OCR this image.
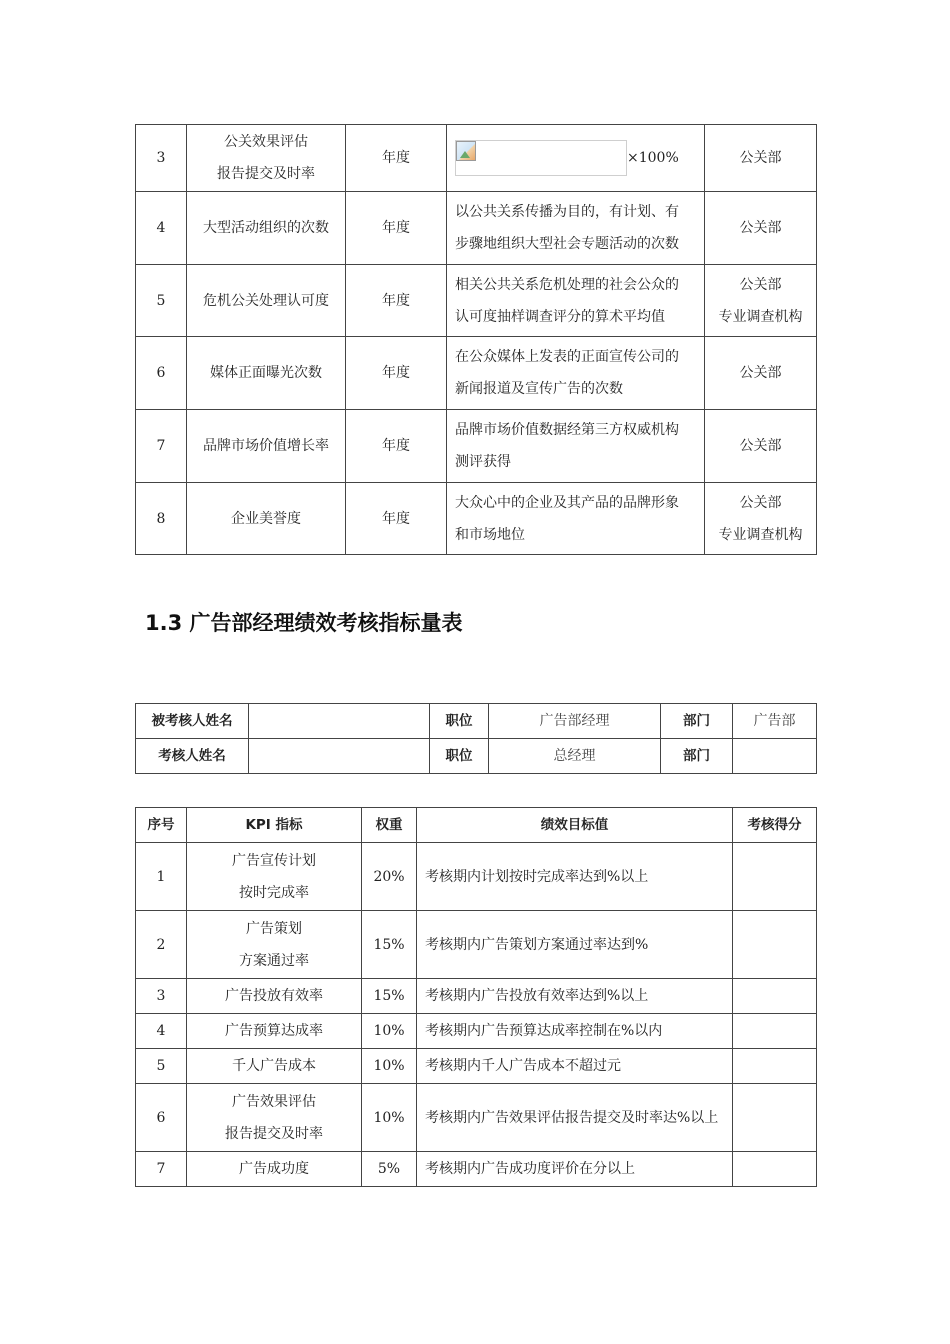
3	公关效果评估
报告提交及时率	年度	×100%	公关部

4	大型活动组织的次数	年度	以公共关系传播为目的，有计划、有
步骤地组织大型社会专题活动的次数	公关部

5	危机公关处理认可度	年度	相关公共关系危机处理的社会公众的
认可度抽样调查评分的算术平均值	公关部
专业调查机构

6	媒体正面曝光次数	年度	在公众媒体上发表的正面宣传公司的
新闻报道及宣传广告的次数	公关部

7	品牌市场价值增长率	年度	品牌市场价值数据经第三方权威机构
测评获得	公关部

8	企业美誉度	年度	大众心中的企业及其产品的品牌形象
和市场地位	公关部
专业调查机构
1.3 广告部经理绩效考核指标量表
被考核人姓名		职位	广告部经理	部门	广告部
考核人姓名		职位	总经理	部门	
序号	KPI 指标	权重	绩效目标值	考核得分
1	广告宣传计划
按时完成率	20%	考核期内计划按时完成率达到%以上	
2	广告策划
方案通过率	15%	考核期内广告策划方案通过率达到%	
3	广告投放有效率	15%	考核期内广告投放有效率达到%以上	
4	广告预算达成率	10%	考核期内广告预算达成率控制在%以内	
5	千人广告成本	10%	考核期内千人广告成本不超过元	
6	广告效果评估
报告提交及时率	10%	考核期内广告效果评估报告提交及时率达%以上	
7	广告成功度	5%	考核期内广告成功度评价在分以上	
